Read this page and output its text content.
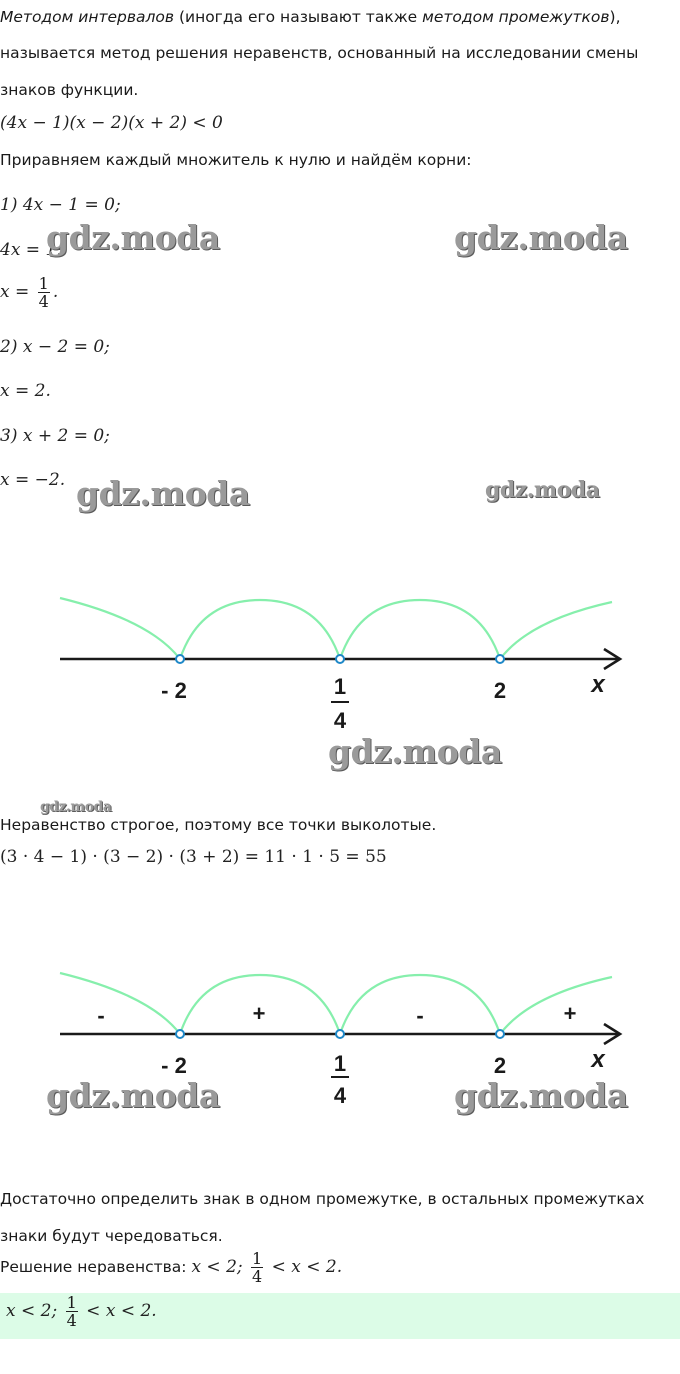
Методом интервалов (иногда его называют также методом промежутков),
называется метод решения неравенств, основанный на исследовании смены
знаков функции.
(4x − 1)(x − 2)(x + 2) < 0
Приравняем каждый множитель к нулю и найдём корни:
1) 4x − 1 = 0;
4x = 1;
$x = \frac{1}{4}$ .
2) x − 2 = 0;
x = 2.
3) x + 2 = 0;
x = −2.
gdz.moda	gdz.moda
gdz.moda	gdz.moda
- 2	1
4
2	x
gdz.moda
gdz.moda
Неравенство строгое, поэтому все точки выколотые.
(3 · 4 − 1) · (3 − 2) · (3 + 2) = 11 · 1 · 5 = 55
-	+	-	+
- 2	1
4
2	x
gdz.moda	gdz.moda
Достаточно определить знак в одном промежутке, в остальных промежутках
знаки будут чередоваться.
Решение неравенства: x < 2; $\frac{1}{4} < x < 2$.
x < 2; $\frac{1}{4} < x < 2$.
